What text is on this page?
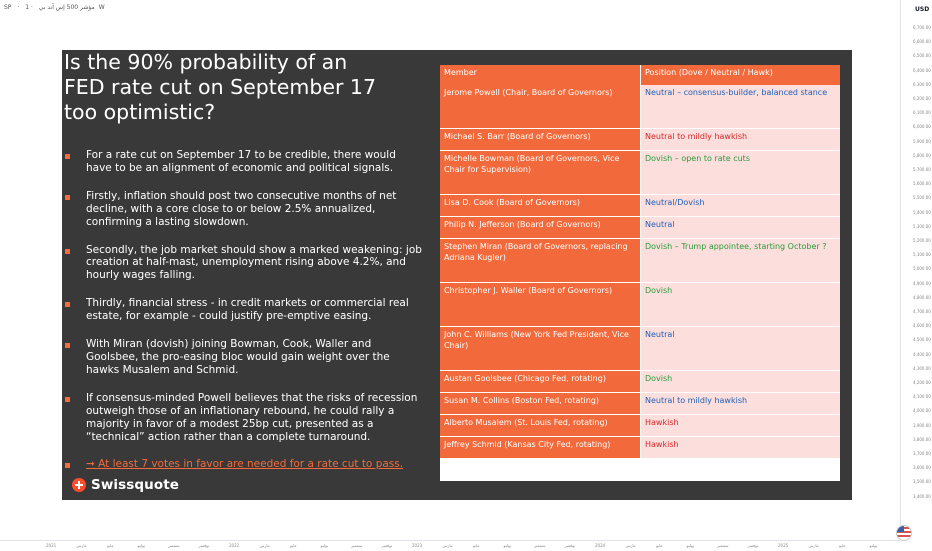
SP ·	مؤشر 500 إس آند بي · 1W	USD
6,700.00
6,600.00
6,500.00
6,400.00
6,300.00
6,200.00
6,100.00
6,000.00
5,900.00
5,800.00
5,700.00
5,600.00
5,500.00
5,400.00
5,300.00
5,200.00
5,100.00
5,000.00
4,900.00
4,800.00
4,700.00
4,600.00
4,500.00
4,400.00
4,300.00
4,200.00
4,100.00
4,000.00
3,900.00
3,800.00
3,700.00
3,600.00
3,500.00
3,400.00
2021	مارس	مايو	يوليو	سبتمبر	نوفمبر	2022	مارس	مايو	يوليو	سبتمبر	نوفمبر	2023	مارس	مايو	يوليو	سبتمبر	نوفمبر	2024	مارس	مايو	يوليو	سبتمبر	نوفمبر	2025	مارس	مايو	يوليو
Is the 90% probability of an
FED rate cut on September 17
too optimistic?
For a rate cut on September 17 to be credible, there would have to be an alignment of economic and political signals.
Firstly, inflation should post two consecutive months of net decline, with a core close to or below 2.5% annualized, confirming a lasting slowdown.
Secondly, the job market should show a marked weakening: job creation at half-mast, unemployment rising above 4.2%, and hourly wages falling.
Thirdly, financial stress - in credit markets or commercial real estate, for example - could justify pre-emptive easing.
With Miran (dovish) joining Bowman, Cook, Waller and Goolsbee, the pro-easing bloc would gain weight over the hawks Musalem and Schmid.
If consensus-minded Powell believes that the risks of recession outweigh those of an inflationary rebound, he could rally a majority in favor of a modest 25bp cut, presented as a “technical” action rather than a complete turnaround.
➞ At least 7 votes in favor are needed for a rate cut to pass.
Swissquote
Member	Position (Dove / Neutral / Hawk)
Jerome Powell (Chair, Board of Governors)	Neutral – consensus-builder, balanced stance
Michael S. Barr (Board of Governors)	Neutral to mildly hawkish
Michelle Bowman (Board of Governors, Vice Chair for Supervision)	Dovish – open to rate cuts
Lisa D. Cook (Board of Governors)	Neutral/Dovish
Philip N. Jefferson (Board of Governors)	Neutral
Stephen Miran (Board of Governors, replacing Adriana Kugler)	Dovish – Trump appointee, starting October ?
Christopher J. Waller (Board of Governors)	Dovish
John C. Williams (New York Fed President, Vice Chair)	Neutral
Austan Goolsbee (Chicago Fed, rotating)	Dovish
Susan M. Collins (Boston Fed, rotating)	Neutral to mildly hawkish
Alberto Musalem (St. Louis Fed, rotating)	Hawkish
Jeffrey Schmid (Kansas City Fed, rotating)	Hawkish
